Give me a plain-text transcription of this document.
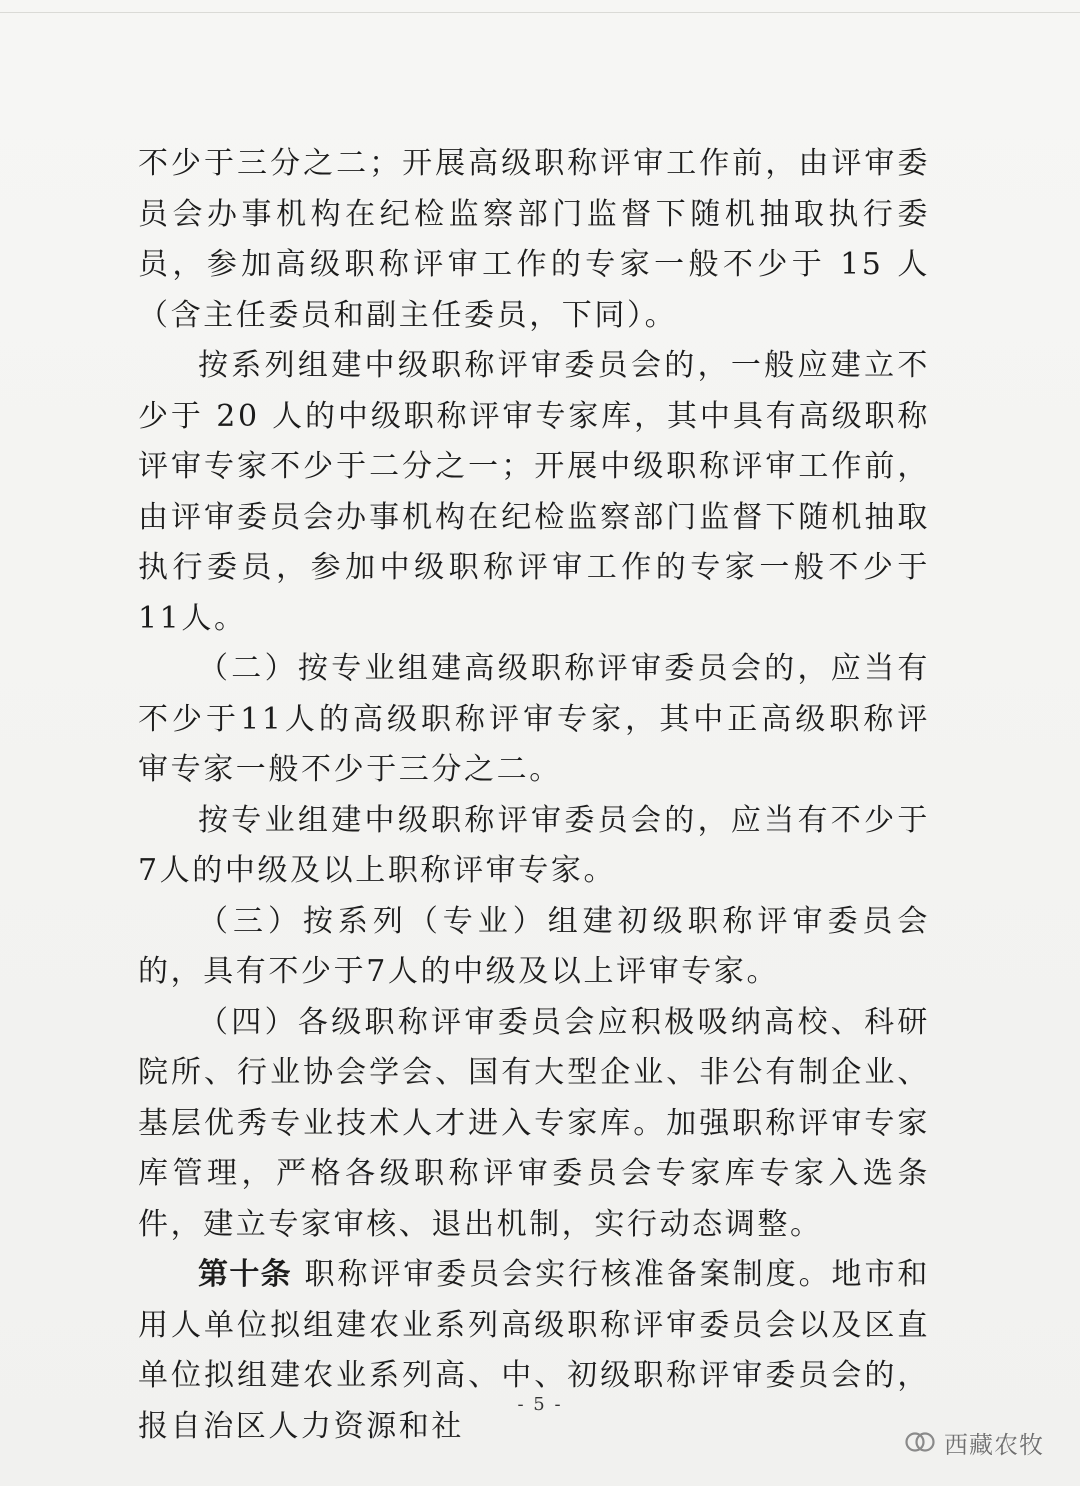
不少于三分之二；开展高级职称评审工作前，由评审委员会办事机构在纪检监察部门监督下随机抽取执行委员，参加高级职称评审工作的专家一般不少于 15 人（含主任委员和副主任委员，下同）。

按系列组建中级职称评审委员会的，一般应建立不少于 20 人的中级职称评审专家库，其中具有高级职称评审专家不少于二分之一；开展中级职称评审工作前，由评审委员会办事机构在纪检监察部门监督下随机抽取执行委员，参加中级职称评审工作的专家一般不少于11人。

（二）按专业组建高级职称评审委员会的，应当有不少于11人的高级职称评审专家，其中正高级职称评审专家一般不少于三分之二。

按专业组建中级职称评审委员会的，应当有不少于7人的中级及以上职称评审专家。

（三）按系列（专业）组建初级职称评审委员会的，具有不少于7人的中级及以上评审专家。

（四）各级职称评审委员会应积极吸纳高校、科研院所、行业协会学会、国有大型企业、非公有制企业、基层优秀专业技术人才进入专家库。加强职称评审专家库管理，严格各级职称评审委员会专家库专家入选条件，建立专家审核、退出机制，实行动态调整。

第十条 职称评审委员会实行核准备案制度。地市和用人单位拟组建农业系列高级职称评审委员会以及区直单位拟组建农业系列高、中、初级职称评审委员会的，报自治区人力资源和社

- 5 -
西藏农牧
